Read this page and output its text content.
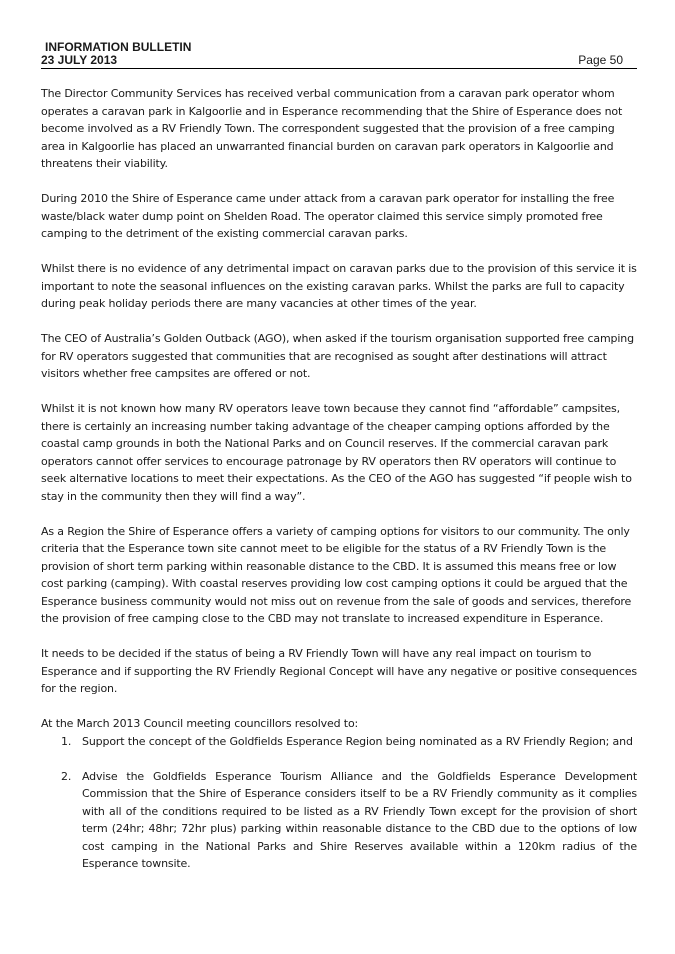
INFORMATION BULLETIN
23 JULY 2013	Page 50

The Director Community Services has received verbal communication from a caravan park operator whom operates a caravan park in Kalgoorlie and in Esperance recommending that the Shire of Esperance does not become involved as a RV Friendly Town. The correspondent suggested that the provision of a free camping area in Kalgoorlie has placed an unwarranted financial burden on caravan park operators in Kalgoorlie and threatens their viability.

During 2010 the Shire of Esperance came under attack from a caravan park operator for installing the free waste/black water dump point on Shelden Road. The operator claimed this service simply promoted free camping to the detriment of the existing commercial caravan parks.

Whilst there is no evidence of any detrimental impact on caravan parks due to the provision of this service it is important to note the seasonal influences on the existing caravan parks. Whilst the parks are full to capacity during peak holiday periods there are many vacancies at other times of the year.

The CEO of Australia’s Golden Outback (AGO), when asked if the tourism organisation supported free camping for RV operators suggested that communities that are recognised as sought after destinations will attract visitors whether free campsites are offered or not.

Whilst it is not known how many RV operators leave town because they cannot find “affordable” campsites, there is certainly an increasing number taking advantage of the cheaper camping options afforded by the coastal camp grounds in both the National Parks and on Council reserves. If the commercial caravan park operators cannot offer services to encourage patronage by RV operators then RV operators will continue to seek alternative locations to meet their expectations. As the CEO of the AGO has suggested “if people wish to stay in the community then they will find a way”.

As a Region the Shire of Esperance offers a variety of camping options for visitors to our community. The only criteria that the Esperance town site cannot meet to be eligible for the status of a RV Friendly Town is the provision of short term parking within reasonable distance to the CBD. It is assumed this means free or low cost parking (camping). With coastal reserves providing low cost camping options it could be argued that the Esperance business community would not miss out on revenue from the sale of goods and services, therefore the provision of free camping close to the CBD may not translate to increased expenditure in Esperance.

It needs to be decided if the status of being a RV Friendly Town will have any real impact on tourism to Esperance and if supporting the RV Friendly Regional Concept will have any negative or positive consequences for the region.

At the March 2013 Council meeting councillors resolved to:

1. Support the concept of the Goldfields Esperance Region being nominated as a RV Friendly Region; and
2. Advise the Goldfields Esperance Tourism Alliance and the Goldfields Esperance Development Commission that the Shire of Esperance considers itself to be a RV Friendly community as it complies with all of the conditions required to be listed as a RV Friendly Town except for the provision of short term (24hr; 48hr; 72hr plus) parking within reasonable distance to the CBD due to the options of low cost camping in the National Parks and Shire Reserves available within a 120km radius of the Esperance townsite.
